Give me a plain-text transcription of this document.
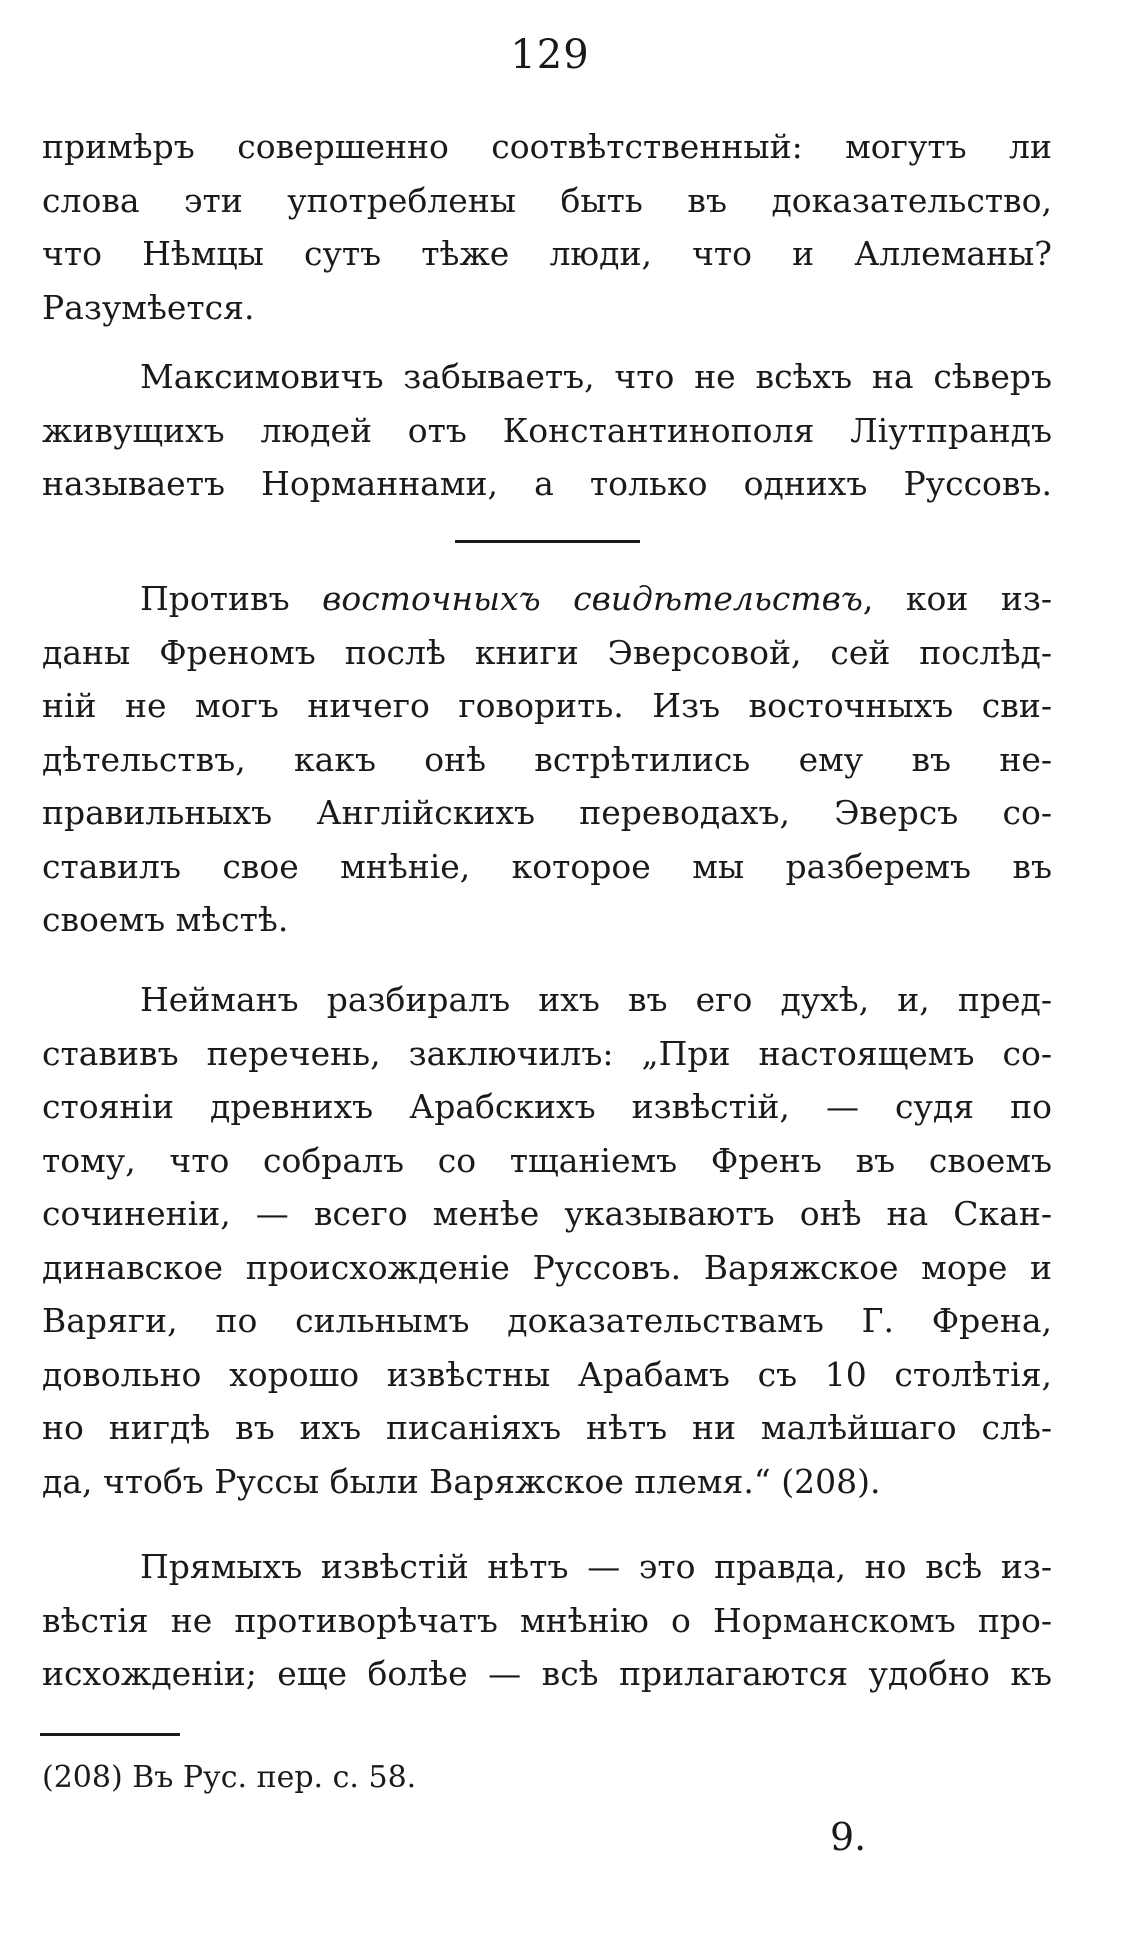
129
примѣръ совершенно соотвѣтственный: могутъ ли
слова эти употреблены быть въ доказательство,
что Нѣмцы сутъ тѣже люди, что и Аллеманы?
Разумѣется.
Максимовичъ забываетъ, что не всѣхъ на сѣверъ
живущихъ людей отъ Константинополя Ліутпрандъ
называетъ Норманнами, а только однихъ Руссовъ.
Противъ восточныхъ свидѣтельствъ, кои из-
даны Френомъ послѣ книги Эверсовой, сей послѣд-
ній не могъ ничего говорить. Изъ восточныхъ сви-
дѣтельствъ, какъ онѣ встрѣтились ему въ не-
правильныхъ Англійскихъ переводахъ, Эверсъ со-
ставилъ свое мнѣніе, которое мы разберемъ въ
своемъ мѣстѣ.
Нейманъ разбиралъ ихъ въ его духѣ, и, пред-
ставивъ перечень, заключилъ: „При настоящемъ со-
стояніи древнихъ Арабскихъ извѣстій, — судя по
тому, что собралъ со тщаніемъ Френъ въ своемъ
сочиненіи, — всего менѣе указываютъ онѣ на Скан-
динавское происхожденіе Руссовъ. Варяжское море и
Варяги, по сильнымъ доказательствамъ Г. Френа,
довольно хорошо извѣстны Арабамъ съ 10 столѣтія,
но нигдѣ въ ихъ писаніяхъ нѣтъ ни малѣйшаго слѣ-
да, чтобъ Руссы были Варяжское племя.“ (208).
Прямыхъ извѣстій нѣтъ — это правда, но всѣ из-
вѣстія не противорѣчатъ мнѣнію о Норманскомъ про-
исхожденіи; еще болѣе — всѣ прилагаются удобно къ
(208) Въ Рус. пер. с. 58.
9.
